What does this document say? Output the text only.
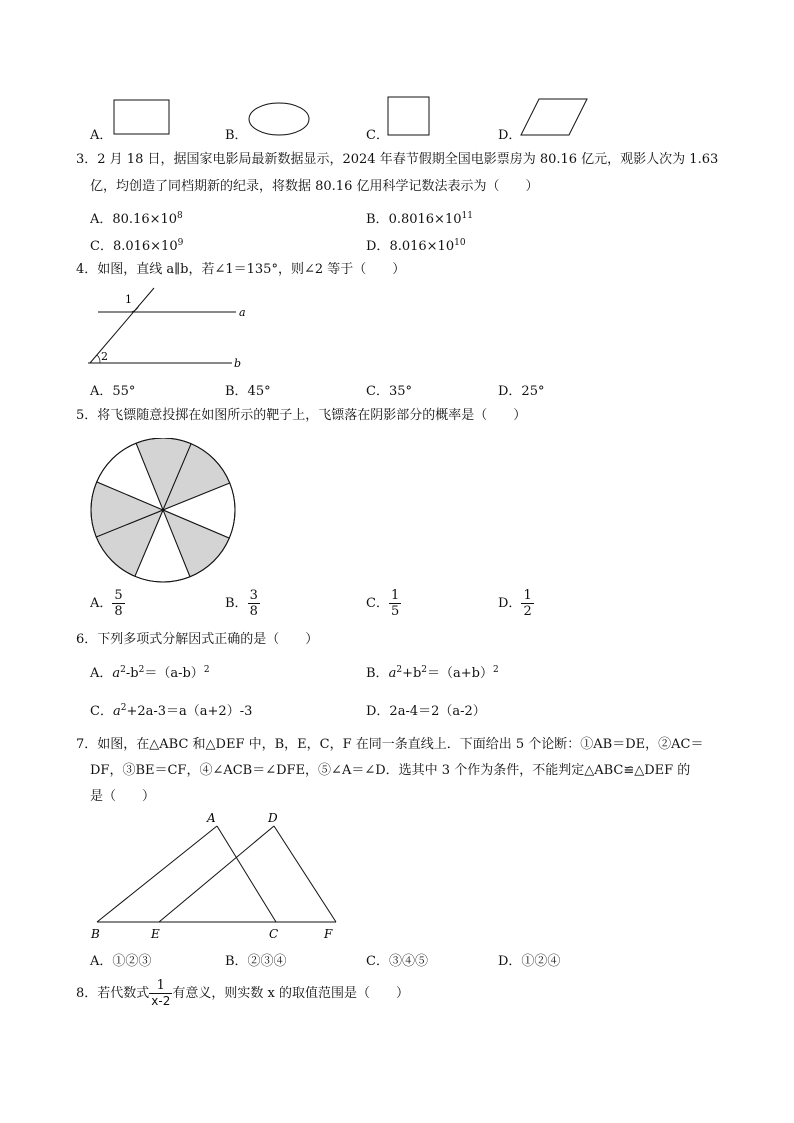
A．	B．	C．	D．
3．2 月 18 日，据国家电影局最新数据显示，2024 年春节假期全国电影票房为 80.16 亿元，观影人次为 1.63
亿，均创造了同档期新的纪录，将数据 80.16 亿用科学记数法表示为（　　）
A．$80.16\times 10^8$	B．$0.8016\times 10^{11}$
C．$8.016\times 10^9$	D．$8.016\times 10^{10}$
4．如图，直线 a∥b，若∠1＝135°，则∠2 等于（　　）
1
2
a
b
A．55°	B．45°	C．35°	D．25°
5．将飞镖随意投掷在如图所示的靶子上，飞镖落在阴影部分的概率是（　　）
A． $\frac{5}{8}$	B． $\frac{3}{8}$	C． $\frac{1}{5}$	D． $\frac{1}{2}$
6．下列多项式分解因式正确的是（　　）
A．$a^2-b^2=(a-b)^2$	B．$a^2+b^2=(a+b)^2$
C．$a^2+2a-3=a(a+2)-3$	D．2a-4＝2（a-2）
7．如图，在△ABC 和△DEF 中，B，E，C，F 在同一条直线上．下面给出 5 个论断：①AB＝DE，②AC＝
DF，③BE＝CF，④∠ACB＝∠DFE，⑤∠A＝∠D．选其中 3 个作为条件，不能判定△ABC≌△DEF 的
是（　　）
A	D
B	E	C	F
A．①②③	B．②③④	C．③④⑤	D．①②④
8．若代数式 $\frac{1}{x-2}$ 有意义，则实数 x 的取值范围是（　　）
